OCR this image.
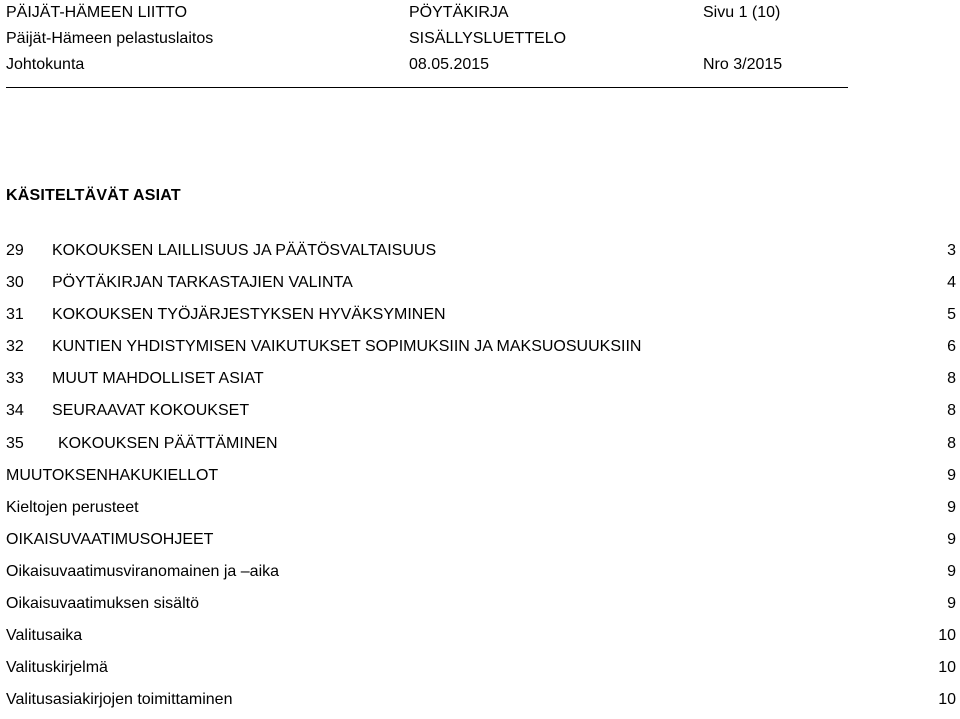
PÄIJÄT-HÄMEEN LIITTO	PÖYTÄKIRJA	Sivu 1 (10)
Päijät-Hämeen pelastuslaitos	SISÄLLYSLUETTELO
Johtokunta	08.05.2015	Nro 3/2015
KÄSITELTÄVÄT ASIAT
29 KOKOUKSEN LAILLISUUS JA PÄÄTÖSVALTAISUUS	3
30 PÖYTÄKIRJAN TARKASTAJIEN VALINTA	4
31 KOKOUKSEN TYÖJÄRJESTYKSEN HYVÄKSYMINEN	5
32 KUNTIEN YHDISTYMISEN VAIKUTUKSET SOPIMUKSIIN JA MAKSUOSUUKSIIN	6
33 MUUT MAHDOLLISET ASIAT	8
34 SEURAAVAT KOKOUKSET	8
35 KOKOUKSEN PÄÄTTÄMINEN	8
MUUTOKSENHAKUKIELLOT	9
Kieltojen perusteet	9
OIKAISUVAATIMUSOHJEET	9
Oikaisuvaatimusviranomainen ja –aika	9
Oikaisuvaatimuksen sisältö	9
Valitusaika	10
Valituskirjelmä	10
Valitusasiakirjojen toimittaminen	10
